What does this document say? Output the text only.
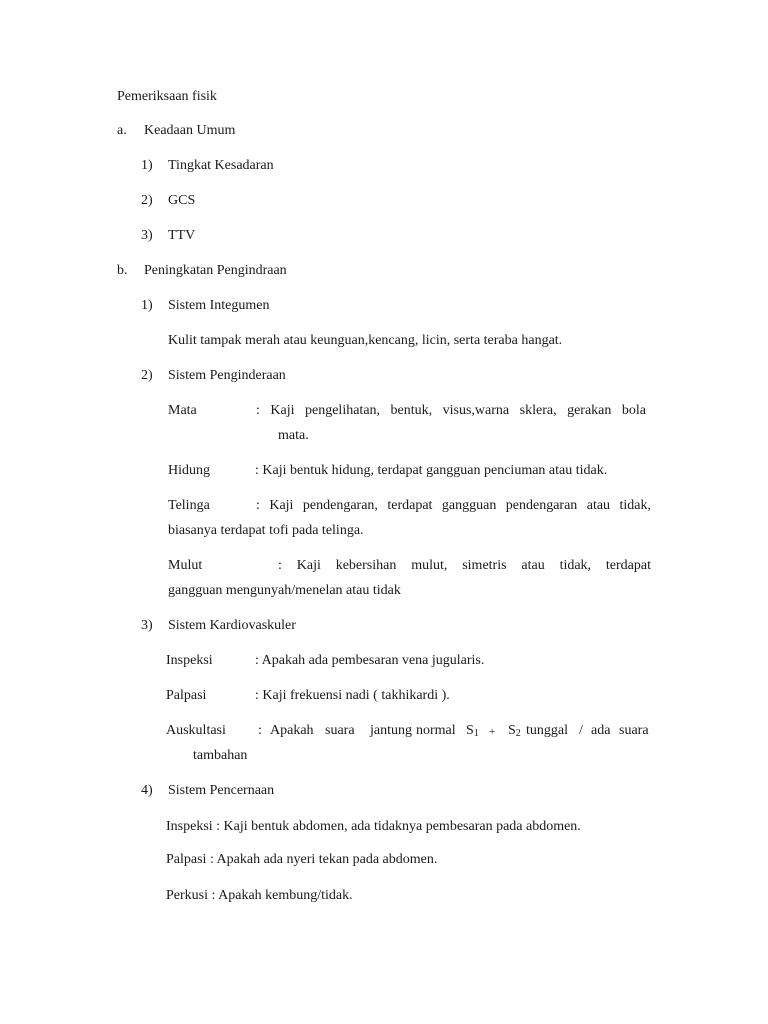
Pemeriksaan fisik
a. Keadaan Umum
1) Tingkat Kesadaran
2) GCS
3) TTV
b. Peningkatan Pengindraan
1) Sistem Integumen
Kulit tampak merah atau keunguan,kencang, licin, serta teraba hangat.
2) Sistem Penginderaan
Mata	: Kaji pengelihatan, bentuk, visus,warna sklera, gerakan bola
mata.
Hidung	: Kaji bentuk hidung, terdapat gangguan penciuman atau tidak.
Telinga	: Kaji pendengaran, terdapat gangguan pendengaran atau tidak,
biasanya terdapat tofi pada telinga.
Mulut	: Kaji kebersihan mulut, simetris atau tidak, terdapat
gangguan mengunyah/menelan atau tidak
3) Sistem Kardiovaskuler
Inspeksi	: Apakah ada pembesaran vena jugularis.
Palpasi	: Kaji frekuensi nadi ( takhikardi ).
Auskultasi : Apakah suara jantung normal $S_1 + S_2$ tunggal / ada suara
tambahan
4) Sistem Pencernaan
Inspeksi : Kaji bentuk abdomen, ada tidaknya pembesaran pada abdomen.
Palpasi : Apakah ada nyeri tekan pada abdomen.
Perkusi : Apakah kembung/tidak.
